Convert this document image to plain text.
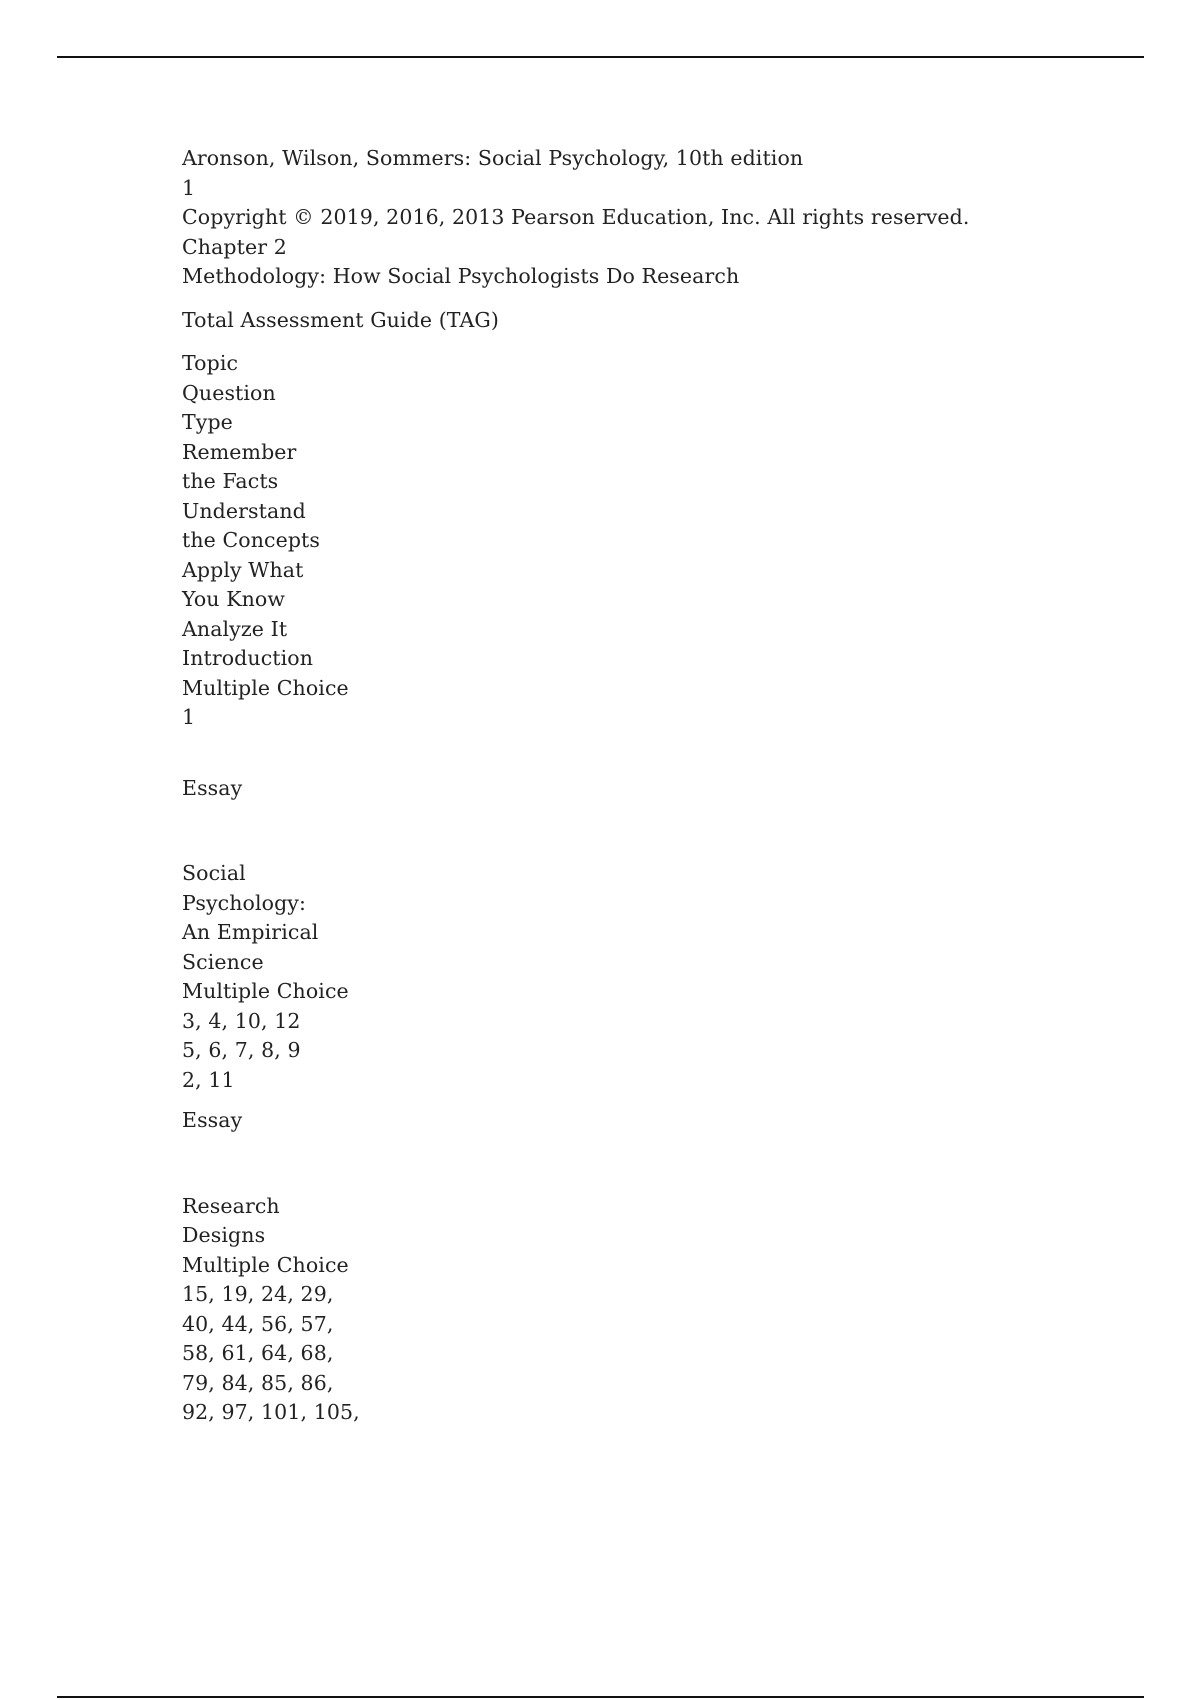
Aronson, Wilson, Sommers: Social Psychology, 10th edition
1
Copyright © 2019, 2016, 2013 Pearson Education, Inc. All rights reserved.
Chapter 2
Methodology: How Social Psychologists Do Research
Total Assessment Guide (TAG)
Topic
Question
Type
Remember
the Facts
Understand
the Concepts
Apply What
You Know
Analyze It
Introduction
Multiple Choice
1
Essay
Social
Psychology:
An Empirical
Science
Multiple Choice
3, 4, 10, 12
5, 6, 7, 8, 9
2, 11
Essay
Research
Designs
Multiple Choice
15, 19, 24, 29,
40, 44, 56, 57,
58, 61, 64, 68,
79, 84, 85, 86,
92, 97, 101, 105,
